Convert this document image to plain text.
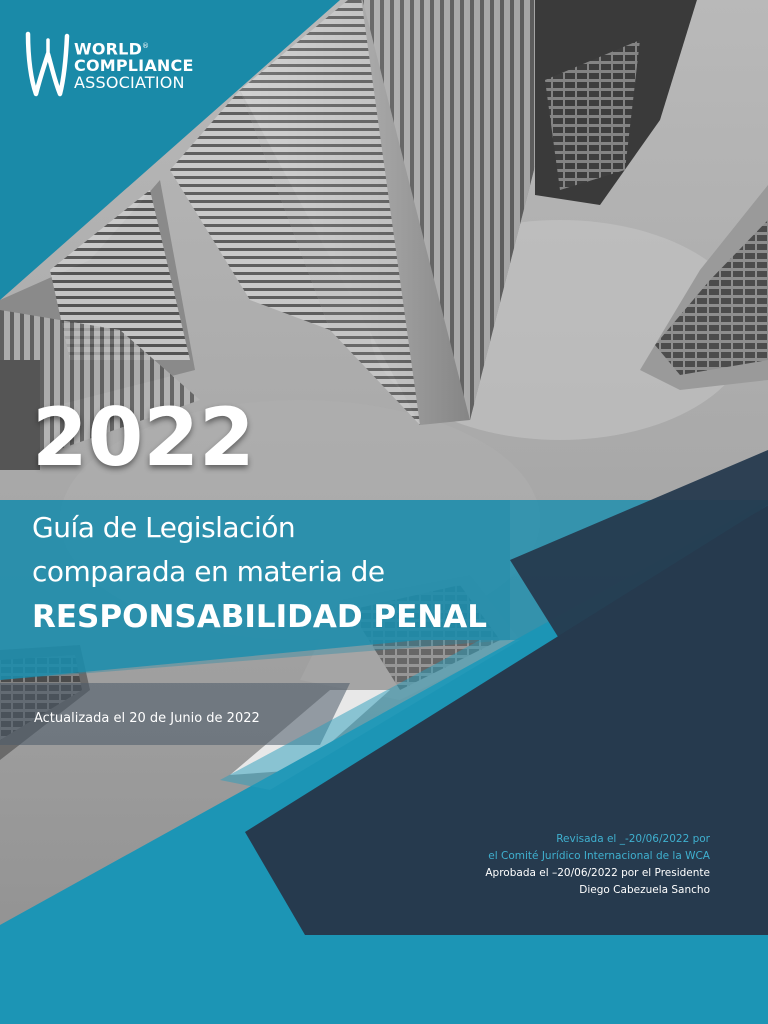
WORLD®
COMPLIANCE
ASSOCIATION
2022
Guía de Legislación
comparada en materia de
RESPONSABILIDAD PENAL
Actualizada el 20 de Junio de 2022
Revisada el _-20/06/2022 por
el Comité Jurídico Internacional de la WCA
Aprobada el –20/06/2022 por el Presidente
Diego Cabezuela Sancho
